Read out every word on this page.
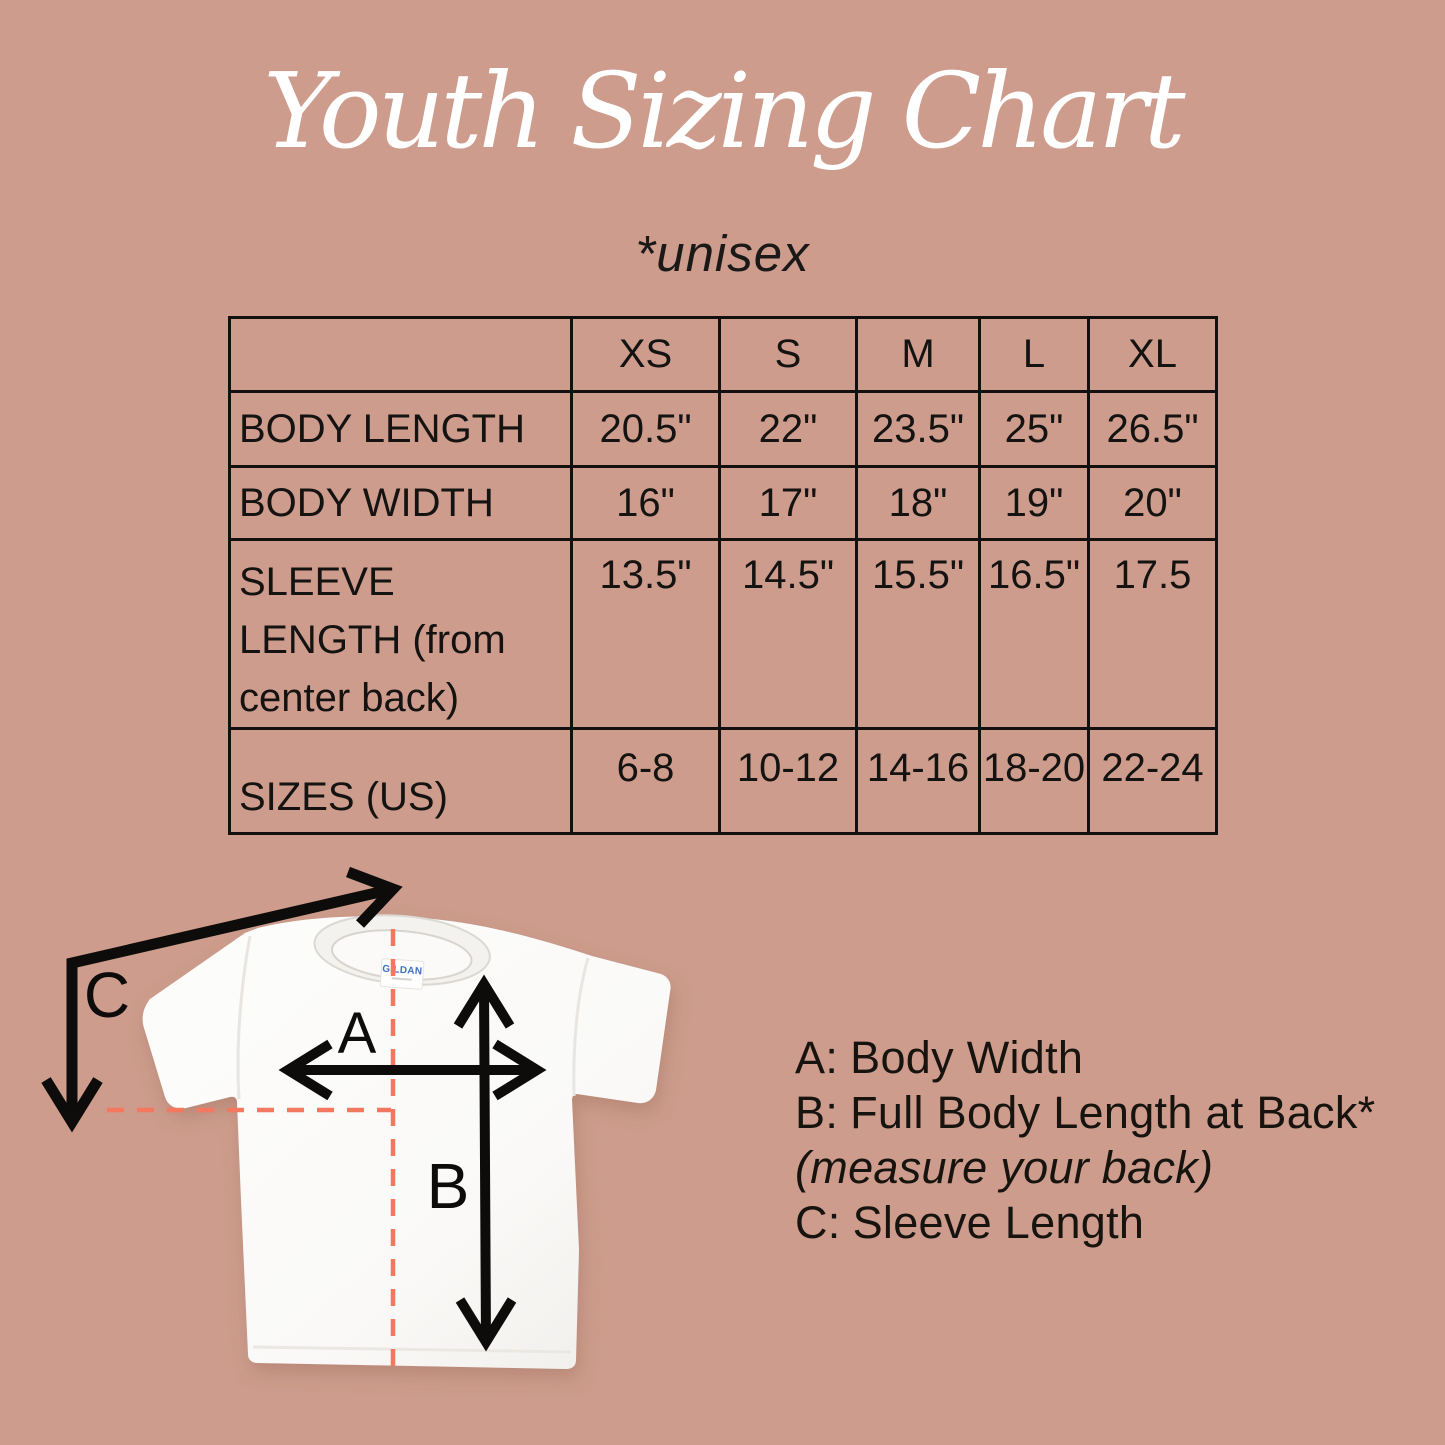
Youth Sizing Chart
*unisex
	XS	S	M	L	XL
BODY LENGTH	20.5"	22"	23.5"	25"	26.5"
BODY WIDTH	16"	17"	18"	19"	20"
SLEEVE LENGTH (from center back)	13.5"	14.5"	15.5"	16.5"	17.5
SIZES (US)	6-8	10-12	14-16	18-20	22-24
GILDAN
A
B
C
A: Body Width
B: Full Body Length at Back*
(measure your back)
C: Sleeve Length
